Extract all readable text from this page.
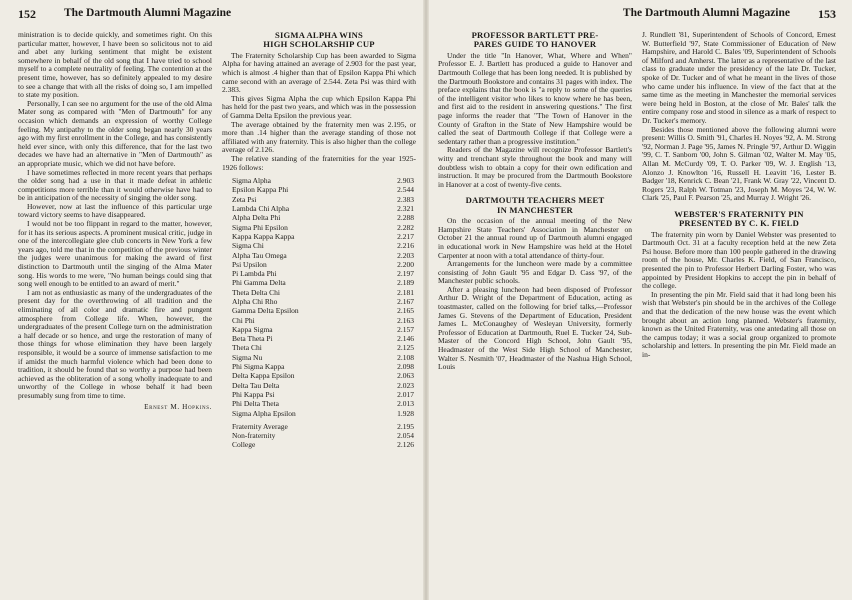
152 The Dartmouth Alumni Magazine

ministration is to decide quickly, and sometimes right. On this particular matter, however, I have been so solicitous not to aid and abet any lurking sentiment that might be existent somewhere in behalf of the old song that I have tried to school myself to a complete neutrality of feeling. The contention at the present time, however, has so definitely appealed to my desire to see a change that with all the risks of doing so, I am impelled to state my position.

Personally, I can see no argument for the use of the old Alma Mater song as compared with "Men of Dartmouth" for any occasion which demands an expression of worthy College feeling. My antipathy to the older song began nearly 30 years ago with my first enrollment in the College, and has consistently held ever since, with only this difference, that for the last two decades we have had an alternative in "Men of Dartmouth" as an appropriate music, which we did not have before.

I have sometimes reflected in more recent years that perhaps the older song had a use in that it made defeat in athletic competitions more terrible than it would otherwise have had to be in anticipation of the necessity of singing the older song.

However, now at last the influence of this particular urge toward victory seems to have disappeared.

I would not be too flippant in regard to the matter, however, for it has its serious aspects. A prominent musical critic, judge in one of the intercollegiate glee club concerts in New York a few years ago, told me that in the competition of the previous winter the judges were unanimous for making the award of first distinction to Dartmouth until the singing of the Alma Mater song. His words to me were, "No human beings could sing that song well enough to be entitled to an award of merit."

I am not as enthusiastic as many of the undergraduates of the present day for the overthrowing of all tradition and the eliminating of all color and dramatic fire and pungent atmosphere from College life. When, however, the undergraduates of the present College turn on the administration a half decade or so hence, and urge the restoration of many of those things for whose elimination they have been largely responsible, it would be a source of immense satisfaction to me if amidst the much harmful violence which had been done to tradition, it should be found that so worthy a purpose had been achieved as the obliteration of a song wholly inadequate to and unworthy of the College in whose behalf it had been presumably sung from time to time.

Ernest M. Hopkins.
SIGMA ALPHA WINS
HIGH SCHOLARSHIP CUP

The Fraternity Scholarship Cup has been awarded to Sigma Alpha for having attained an average of 2.903 for the past year, which is almost .4 higher than that of Epsilon Kappa Phi which came second with an average of 2.544. Zeta Psi was third with 2.383.

This gives Sigma Alpha the cup which Epsilon Kappa Phi has held for the past two years, and which was in the possession of Gamma Delta Epsilon the previous year.

The average obtained by the fraternity men was 2.195, or more than .14 higher than the average standing of those not affiliated with any fraternity. This is also higher than the college average of 2.126.

The relative standing of the fraternities for the year 1925-1926 follows:

Sigma Alpha	2.903
Epsilon Kappa Phi	2.544
Zeta Psi	2.383
Lambda Chi Alpha	2.321
Alpha Delta Phi	2.288
Sigma Phi Epsilon	2.282
Kappa Kappa Kappa	2.217
Sigma Chi	2.216
Alpha Tau Omega	2.203
Psi Upsilon	2.200
Pi Lambda Phi	2.197
Phi Gamma Delta	2.189
Theta Delta Chi	2.181
Alpha Chi Rho	2.167
Gamma Delta Epsilon	2.165
Chi Phi	2.163
Kappa Sigma	2.157
Beta Theta Pi	2.146
Theta Chi	2.125
Sigma Nu	2.108
Phi Sigma Kappa	2.098
Delta Kappa Epsilon	2.063
Delta Tau Delta	2.023
Phi Kappa Psi	2.017
Phi Delta Theta	2.013
Sigma Alpha Epsilon	1.928
Fraternity Average	2.195
Non-fraternity	2.054
College	2.126
The Dartmouth Alumni Magazine 153
PROFESSOR BARTLETT PRE-
PARES GUIDE TO HANOVER

Under the title "In Hanover, What, Where and When" Professor E. J. Bartlett has produced a guide to Hanover and Dartmouth College that has been long needed. It is published by the Dartmouth Bookstore and contains 31 pages with index. The preface explains that the book is "a reply to some of the queries of the intelligent visitor who likes to know where he has been, and first aid to the resident in answering questions." The first page informs the reader that "The Town of Hanover in the County of Grafton in the State of New Hampshire would be called the seat of Dartmouth College if that College were a sedentary rather than a progressive institution."

Readers of the Magazine will recognize Professor Bartlett's witty and trenchant style throughout the book and many will doubtless wish to obtain a copy for their own edification and instruction. It may be procured from the Dartmouth Bookstore in Hanover at a cost of twenty-five cents.

DARTMOUTH TEACHERS MEET
IN MANCHESTER

On the occasion of the annual meeting of the New Hampshire State Teachers' Association in Manchester on October 21 the annual round up of Dartmouth alumni engaged in educational work in New Hampshire was held at the Hotel Carpenter at noon with a total attendance of thirty-four.

Arrangements for the luncheon were made by a committee consisting of John Gault '95 and Edgar D. Cass '97, of the Manchester public schools.

After a pleasing luncheon had been disposed of Professor Arthur D. Wright of the Department of Education, acting as toastmaster, called on the following for brief talks,—Professor James G. Stevens of the Department of Education, President James L. McConaughey of Wesleyan University, formerly Professor of Education at Dartmouth, Ruel E. Tucker '24, Sub-Master of the Concord High School, John Gault '95, Headmaster of the West Side High School of Manchester, Walter S. Nesmith '07, Headmaster of the Nashua High School, Louis

J. Rundlett '81, Superintendent of Schools of Concord, Ernest W. Butterfield '97, State Commissioner of Education of New Hampshire, and Harold C. Bales '09, Superintendent of Schools of Milford and Amherst. The latter as a representative of the last class to graduate under the presidency of the late Dr. Tucker, spoke of Dr. Tucker and of what he meant in the lives of those who came under his influence. In view of the fact that at the same time as the meeting in Manchester the memorial services were being held in Boston, at the close of Mr. Bales' talk the entire company rose and stood in silence as a mark of respect to Dr. Tucker's memory.

Besides those mentioned above the following alumni were present: Willis O. Smith '91, Charles H. Noyes '92, A. M. Strong '92, Norman J. Page '95, James N. Pringle '97, Arthur D. Wiggin '99, C. T. Sanborn '00, John S. Gilman '02, Walter M. May '05, Allan M. McCurdy '09, T. O. Parker '09, W. J. English '13, Alonzo J. Knowlton '16, Russell H. Leavitt '16, Lester B. Badger '18, Kenrick C. Bean '21, Frank W. Gray '22, Vincent D. Rogers '23, Ralph W. Totman '23, Joseph M. Moyes '24, W. W. Clark '25, Paul F. Pearson '25, and Murray J. Wright '26.

WEBSTER'S FRATERNITY PIN
PRESENTED BY C. K. FIELD

The fraternity pin worn by Daniel Webster was presented to Dartmouth Oct. 31 at a faculty reception held at the new Zeta Psi house. Before more than 100 people gathered in the drawing room of the house, Mr. Charles K. Field, of San Francisco, presented the pin to Professor Herbert Darling Foster, who was appointed by President Hopkins to accept the pin in behalf of the college.

In presenting the pin Mr. Field said that it had long been his wish that Webster's pin should be in the archives of the College and that the dedication of the new house was the event which brought about an action long planned. Webster's fraternity, known as the United Fraternity, was one antedating all those on the campus today; it was a social group organized to promote scholarship and letters. In presenting the pin Mr. Field made an in-
